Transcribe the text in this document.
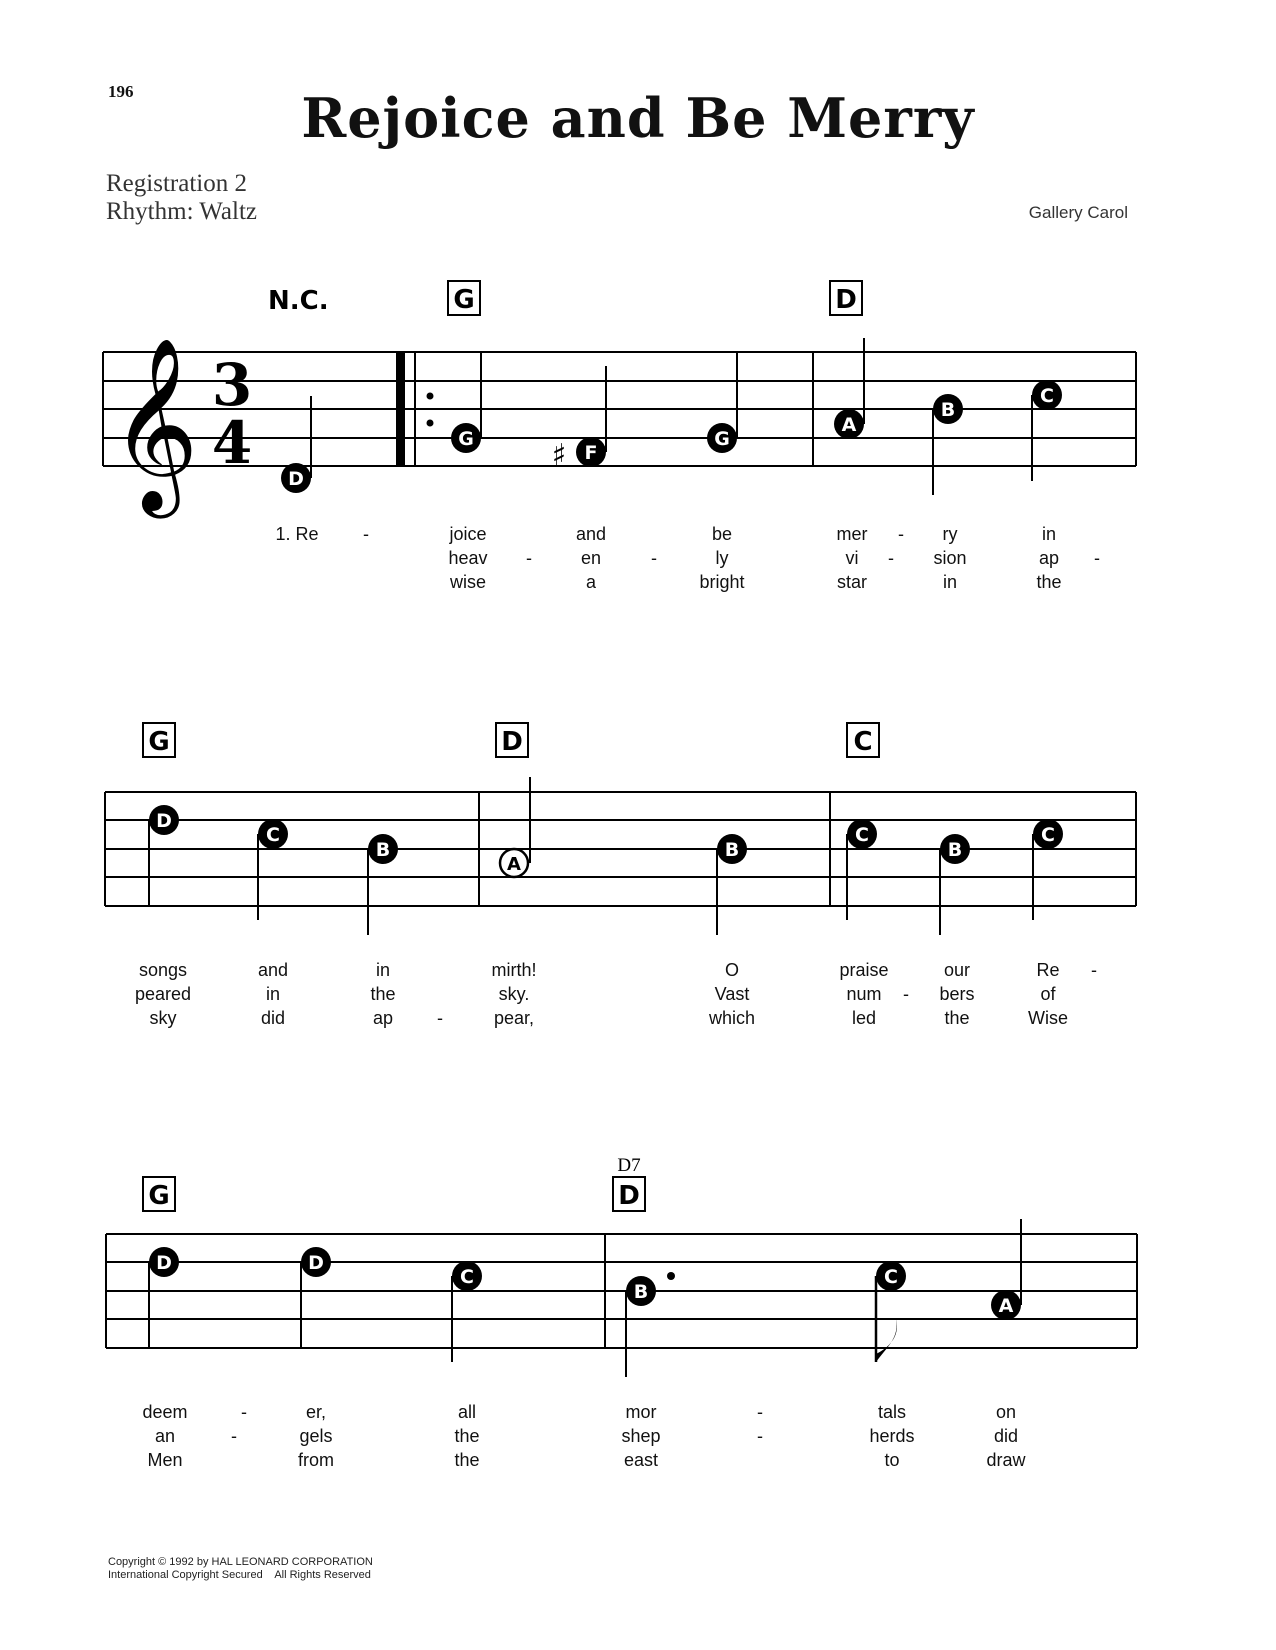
196	Rejoice and Be Merry
Registration 2
Rhythm: Waltz	Gallery Carol
N.C.	G	D
𝄞 3
4
D
G	♯ F
G
A
B
C
1. Re -	joice	and	be	mer - ry	in
heav -	en	-	ly	vi - sion	ap -
wise	a	bright	star	in	the
G	D	C
D
C
B
A
B
C
B
C
songs	and	in	mirth!	O	praise	our	Re -
peared	in	the	sky.	Vast	num - bers	of
sky	did	ap -	pear,	which	led	the	Wise
D7
G	D
D	D
C
B
C
A
deem	-	er,	all	mor	-	tals	on
an	-	gels	the	shep	-	herds	did
Men	from	the	east	to	draw
Copyright © 1992 by HAL LEONARD CORPORATION
International Copyright Secured    All Rights Reserved
